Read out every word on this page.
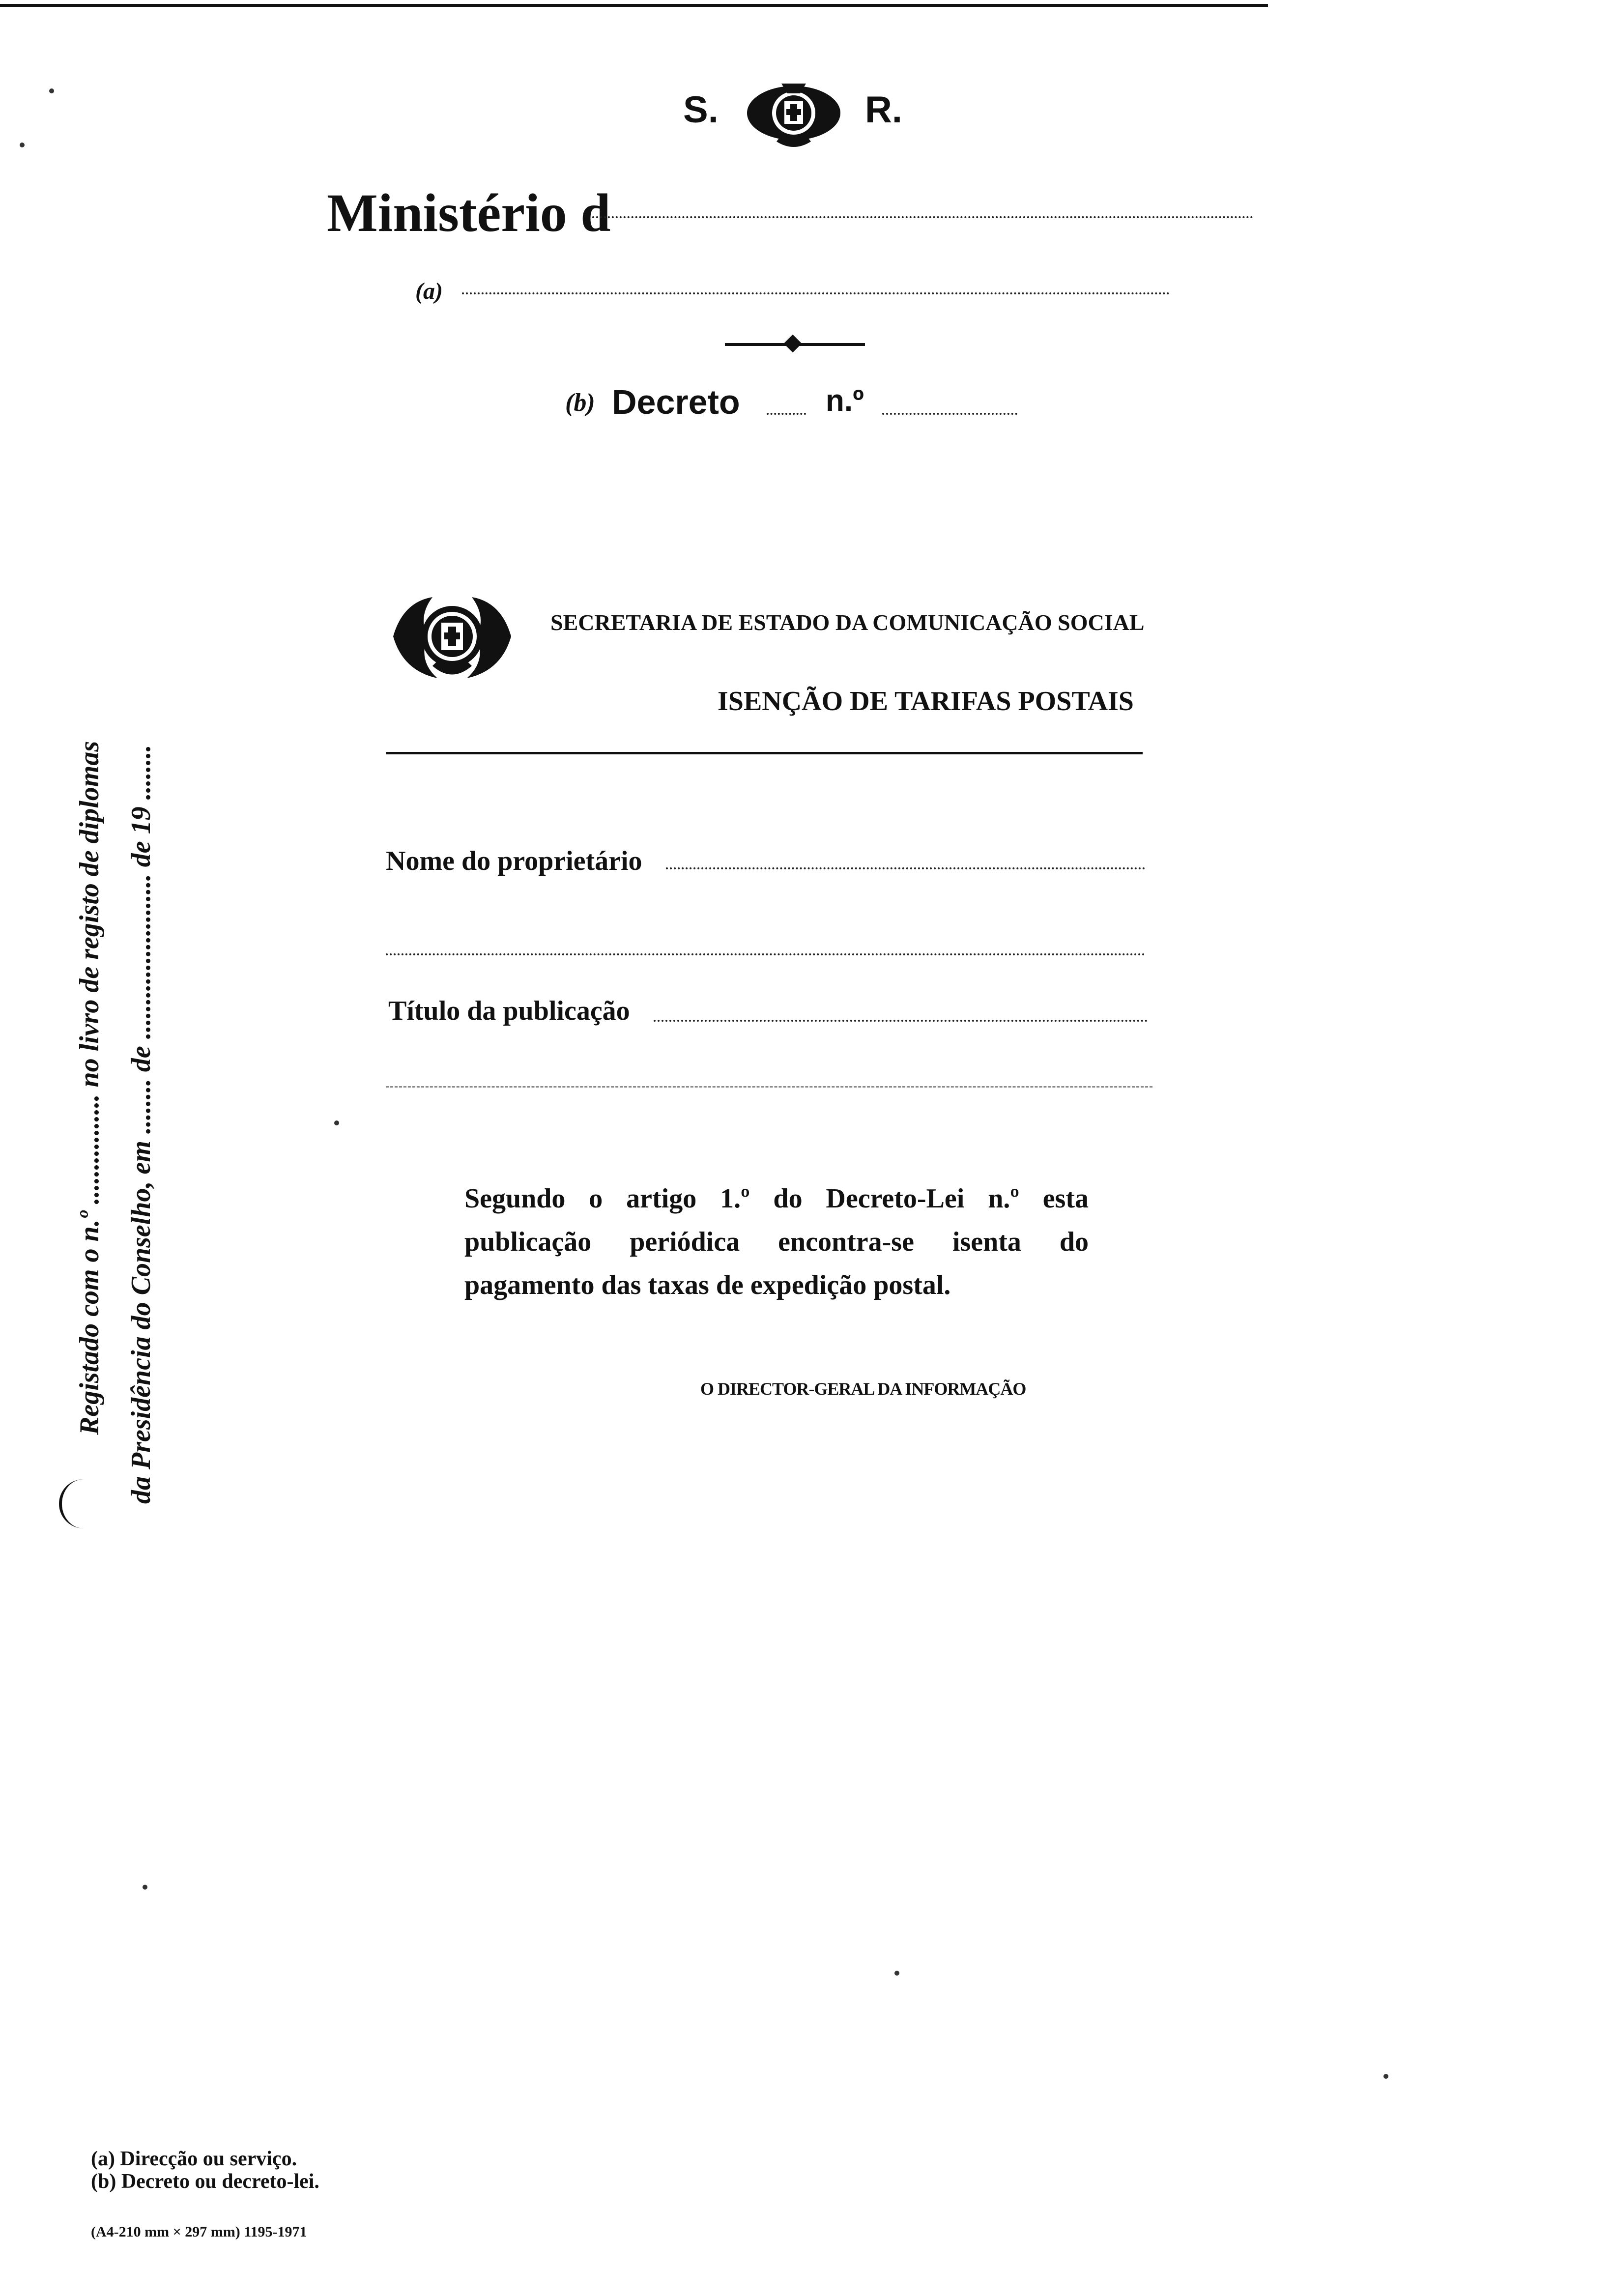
S.	R.
Ministério d
(a)
(b) Decreto	n.º
Registado com o n.º ................ no livro de registo de diplomas da Presidência do Conselho, em ........ de ........................ de 19 ........
SECRETARIA DE ESTADO DA COMUNICAÇÃO SOCIAL
ISENÇÃO DE TARIFAS POSTAIS
Nome do proprietário
Título da publicação
Segundo o artigo 1.º do Decreto-Lei n.º esta publicação periódica encontra-se isenta do pagamento das taxas de expedição postal.
O DIRECTOR-GERAL DA INFORMAÇÃO
(a) Direcção ou serviço.
(b) Decreto ou decreto-lei.
(A4-210 mm × 297 mm) 1195-1971
